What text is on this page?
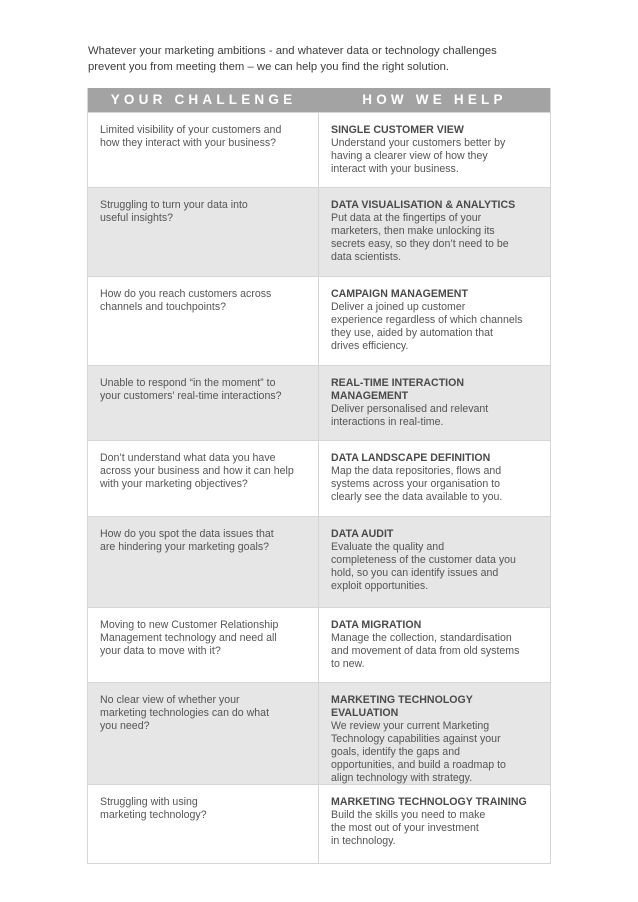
Whatever your marketing ambitions - and whatever data or technology challenges
prevent you from meeting them – we can help you find the right solution.
YOUR CHALLENGE	HOW WE HELP
Limited visibility of your customers and
how they interact with your business?
SINGLE CUSTOMER VIEW
Understand your customers better by
having a clearer view of how they
interact with your business.
Struggling to turn your data into
useful insights?
DATA VISUALISATION & ANALYTICS
Put data at the fingertips of your
marketers, then make unlocking its
secrets easy, so they don’t need to be
data scientists.
How do you reach customers across
channels and touchpoints?
CAMPAIGN MANAGEMENT
Deliver a joined up customer
experience regardless of which channels
they use, aided by automation that
drives efficiency.
Unable to respond “in the moment” to
your customers’ real-time interactions?
REAL-TIME INTERACTION
MANAGEMENT
Deliver personalised and relevant
interactions in real-time.
Don’t understand what data you have
across your business and how it can help
with your marketing objectives?
DATA LANDSCAPE DEFINITION
Map the data repositories, flows and
systems across your organisation to
clearly see the data available to you.
How do you spot the data issues that
are hindering your marketing goals?
DATA AUDIT
Evaluate the quality and
completeness of the customer data you
hold, so you can identify issues and
exploit opportunities.
Moving to new Customer Relationship
Management technology and need all
your data to move with it?
DATA MIGRATION
Manage the collection, standardisation
and movement of data from old systems
to new.
No clear view of whether your
marketing technologies can do what
you need?
MARKETING TECHNOLOGY EVALUATION
We review your current Marketing
Technology capabilities against your
goals, identify the gaps and
opportunities, and build a roadmap to
align technology with strategy.
Struggling with using
marketing technology?
MARKETING TECHNOLOGY TRAINING
Build the skills you need to make
the most out of your investment
in technology.
